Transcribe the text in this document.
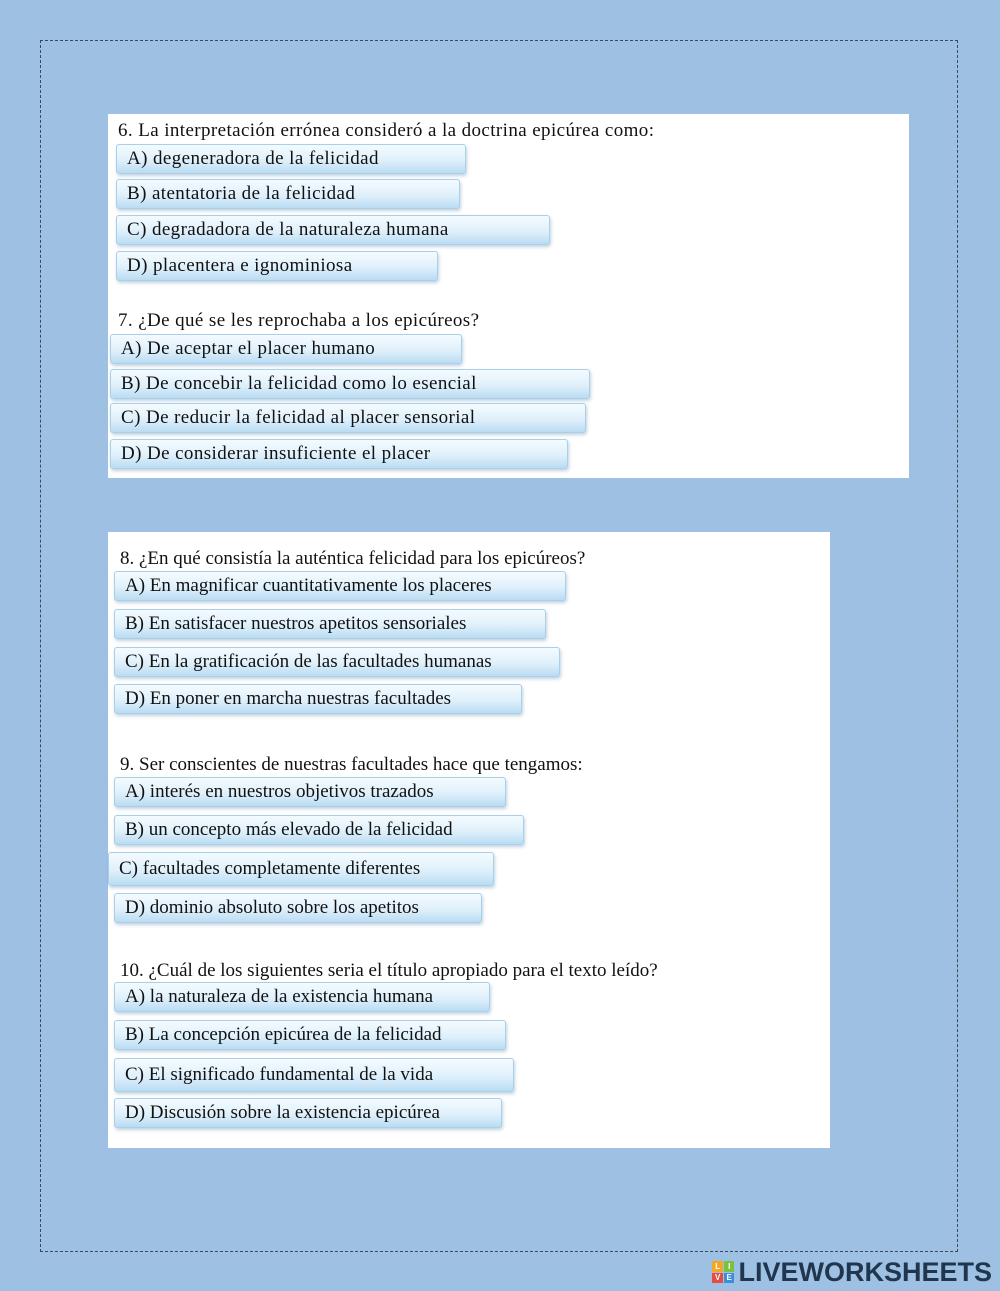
6. La interpretación errónea consideró a la doctrina epicúrea como:
A) degeneradora de la felicidad
B) atentatoria de la felicidad
C) degradadora de la naturaleza humana
D) placentera e ignominiosa
7. ¿De qué se les reprochaba a los epicúreos?
A) De aceptar el placer humano
B) De concebir la felicidad como lo esencial
C) De reducir la felicidad al placer sensorial
D) De considerar insuficiente el placer
8. ¿En qué consistía la auténtica felicidad para los epicúreos?
A) En magnificar cuantitativamente los placeres
B) En satisfacer nuestros apetitos sensoriales
C) En la gratificación de las facultades humanas
D) En poner en marcha nuestras facultades
9. Ser conscientes de nuestras facultades hace que tengamos:
A) interés en nuestros objetivos trazados
B) un concepto más elevado de la felicidad
C) facultades completamente diferentes
D) dominio absoluto sobre los apetitos
10. ¿Cuál de los siguientes seria el título apropiado para el texto leído?
A) la naturaleza de la existencia humana
B) La concepción epicúrea de la felicidad
C) El significado fundamental de la vida
D) Discusión sobre la existencia epicúrea
L I
V E LIVEWORKSHEETS
